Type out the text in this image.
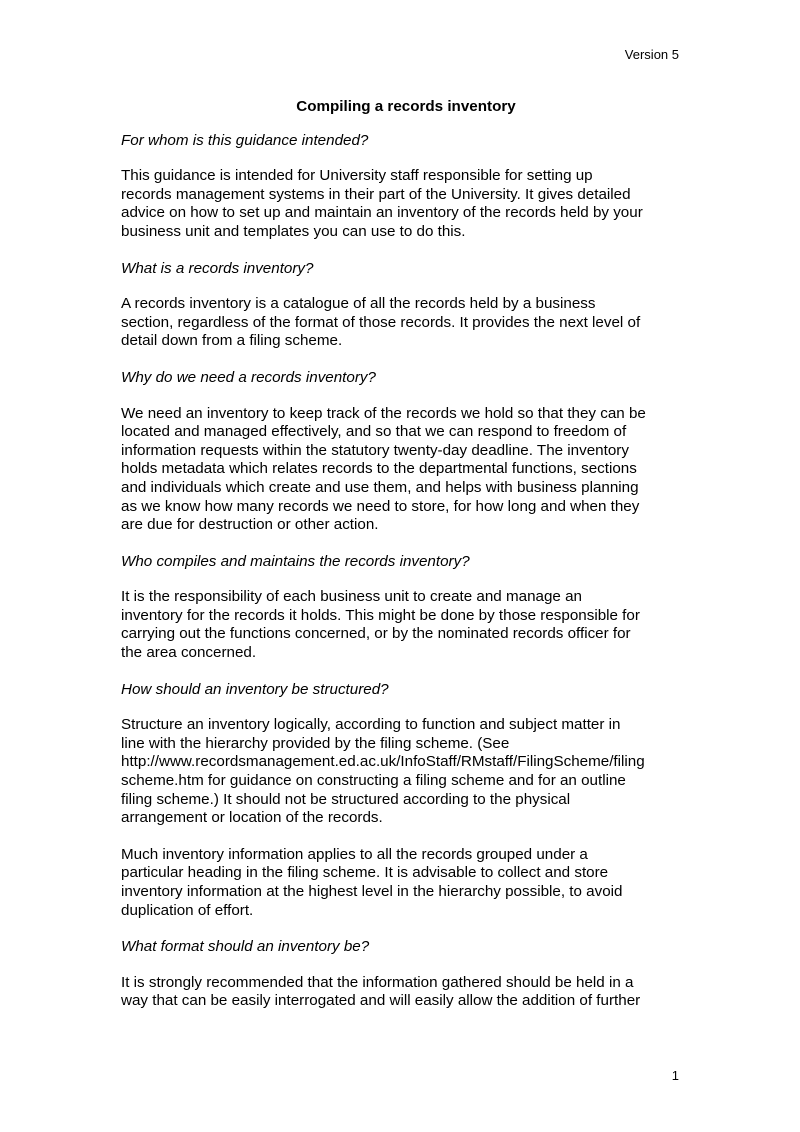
Version 5
Compiling a records inventory
For whom is this guidance intended?
This guidance is intended for University staff responsible for setting up
records management systems in their part of the University. It gives detailed
advice on how to set up and maintain an inventory of the records held by your
business unit and templates you can use to do this.
What is a records inventory?
A records inventory is a catalogue of all the records held by a business
section, regardless of the format of those records. It provides the next level of
detail down from a filing scheme.
Why do we need a records inventory?
We need an inventory to keep track of the records we hold so that they can be
located and managed effectively, and so that we can respond to freedom of
information requests within the statutory twenty-day deadline. The inventory
holds metadata which relates records to the departmental functions, sections
and individuals which create and use them, and helps with business planning
as we know how many records we need to store, for how long and when they
are due for destruction or other action.
Who compiles and maintains the records inventory?
It is the responsibility of each business unit to create and manage an
inventory for the records it holds. This might be done by those responsible for
carrying out the functions concerned, or by the nominated records officer for
the area concerned.
How should an inventory be structured?
Structure an inventory logically, according to function and subject matter in
line with the hierarchy provided by the filing scheme. (See
http://www.recordsmanagement.ed.ac.uk/InfoStaff/RMstaff/FilingScheme/filing
scheme.htm for guidance on constructing a filing scheme and for an outline
filing scheme.) It should not be structured according to the physical
arrangement or location of the records.
Much inventory information applies to all the records grouped under a
particular heading in the filing scheme. It is advisable to collect and store
inventory information at the highest level in the hierarchy possible, to avoid
duplication of effort.
What format should an inventory be?
It is strongly recommended that the information gathered should be held in a
way that can be easily interrogated and will easily allow the addition of further
1
